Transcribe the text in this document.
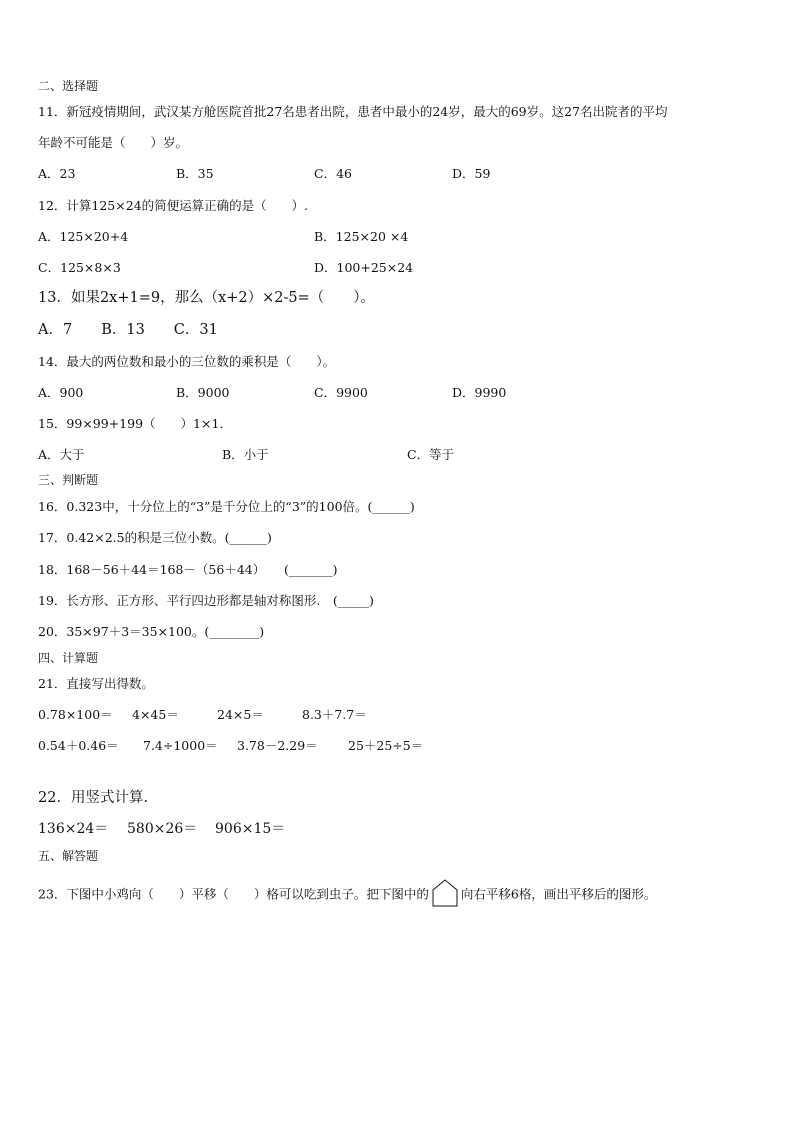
二、选择题
11．新冠疫情期间，武汉某方舱医院首批27名患者出院，患者中最小的24岁，最大的69岁。这27名出院者的平均
年龄不可能是（　　）岁。
A．23	B．35	C．46	D．59
12．计算125×24的简便运算正确的是（　　）.
A．125×20+4	B．125×20 ×4
C．125×8×3	D．100+25×24
13．如果2x+1=9，那么（x+2）×2-5=（　　）。
A．7　　B．13　　C．31
14．最大的两位数和最小的三位数的乘积是（　　）。
A．900	B．9000	C．9900	D．9990
15．99×99+199（　　）1×1.
A．大于	B．小于	C．等于
三、判断题
16．0.323中，十分位上的“3”是千分位上的“3”的100倍。(______)
17．0.42×2.5的积是三位小数。(______)
18．168－56＋44＝168－（56＋44）　　(_______)
19．长方形、正方形、平行四边形都是轴对称图形.　(_____)
20．35×97＋3＝35×100。(________)
四、计算题
21．直接写出得数。
0.78×100＝ 4×45＝	24×5＝	8.3＋7.7＝
0.54＋0.46＝ 7.4÷1000＝ 3.78－2.29＝ 25＋25÷5＝
22．用竖式计算.
136×24＝ 580×26＝ 906×15＝
五、解答题
23．下图中小鸡向（　　）平移（　　）格可以吃到虫子。把下图中的	向右平移6格，画出平移后的图形。
